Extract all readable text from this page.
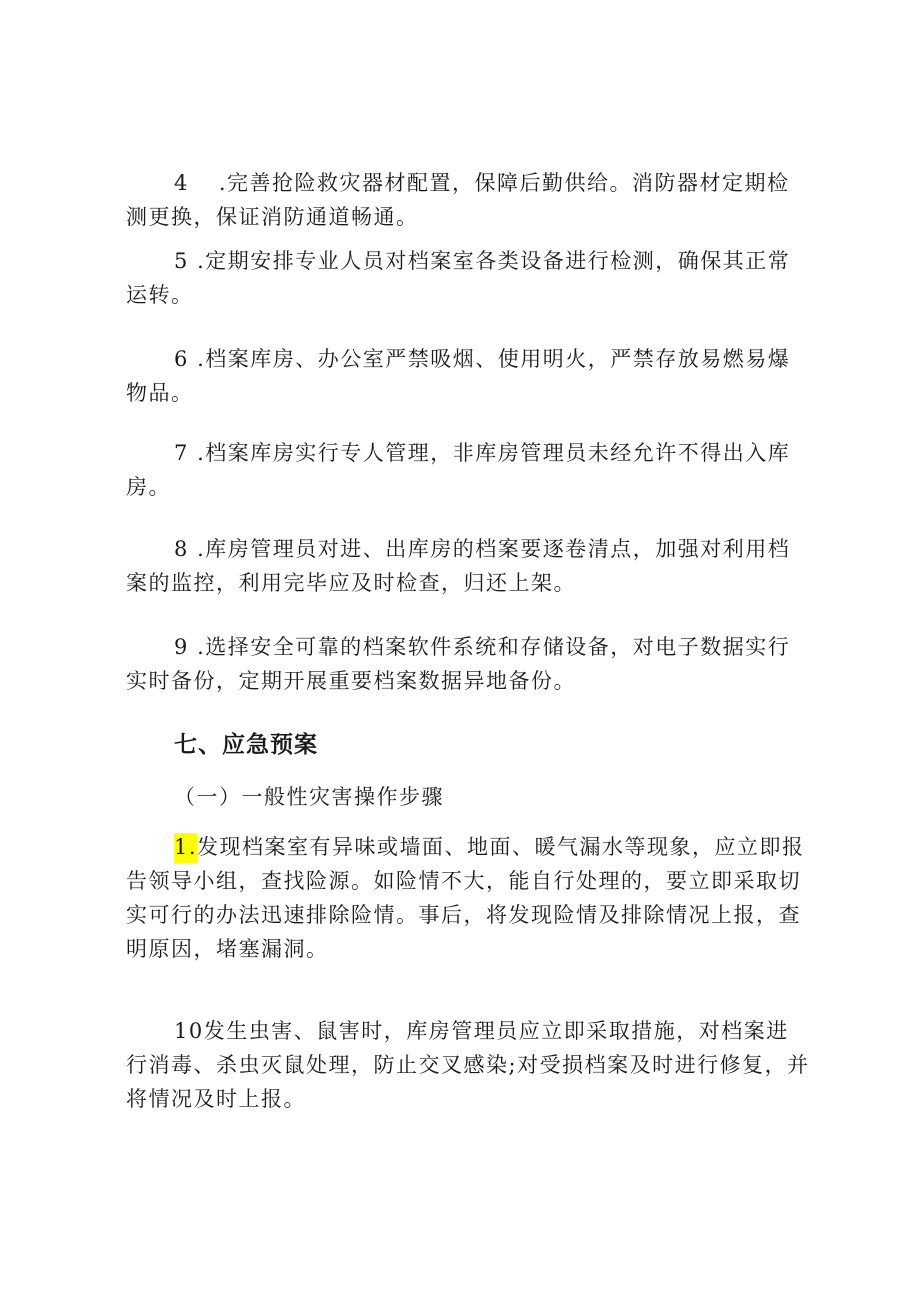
4 .完善抢险救灾器材配置，保障后勤供给。消防器材定期检测更换，保证消防通道畅通。

5 .定期安排专业人员对档案室各类设备进行检测，确保其正常运转。

6 .档案库房、办公室严禁吸烟、使用明火，严禁存放易燃易爆物品。

7 .档案库房实行专人管理，非库房管理员未经允许不得出入库房。

8 .库房管理员对进、出库房的档案要逐卷清点，加强对利用档案的监控，利用完毕应及时检查，归还上架。

9 .选择安全可靠的档案软件系统和存储设备，对电子数据实行实时备份，定期开展重要档案数据异地备份。

七、应急预案

（一）一般性灾害操作步骤

1.发现档案室有异味或墙面、地面、暖气漏水等现象，应立即报告领导小组，查找险源。如险情不大，能自行处理的，要立即采取切实可行的办法迅速排除险情。事后，将发现险情及排除情况上报，查明原因，堵塞漏洞。

10发生虫害、鼠害时，库房管理员应立即采取措施，对档案进行消毒、杀虫灭鼠处理，防止交叉感染;对受损档案及时进行修复，并将情况及时上报。
